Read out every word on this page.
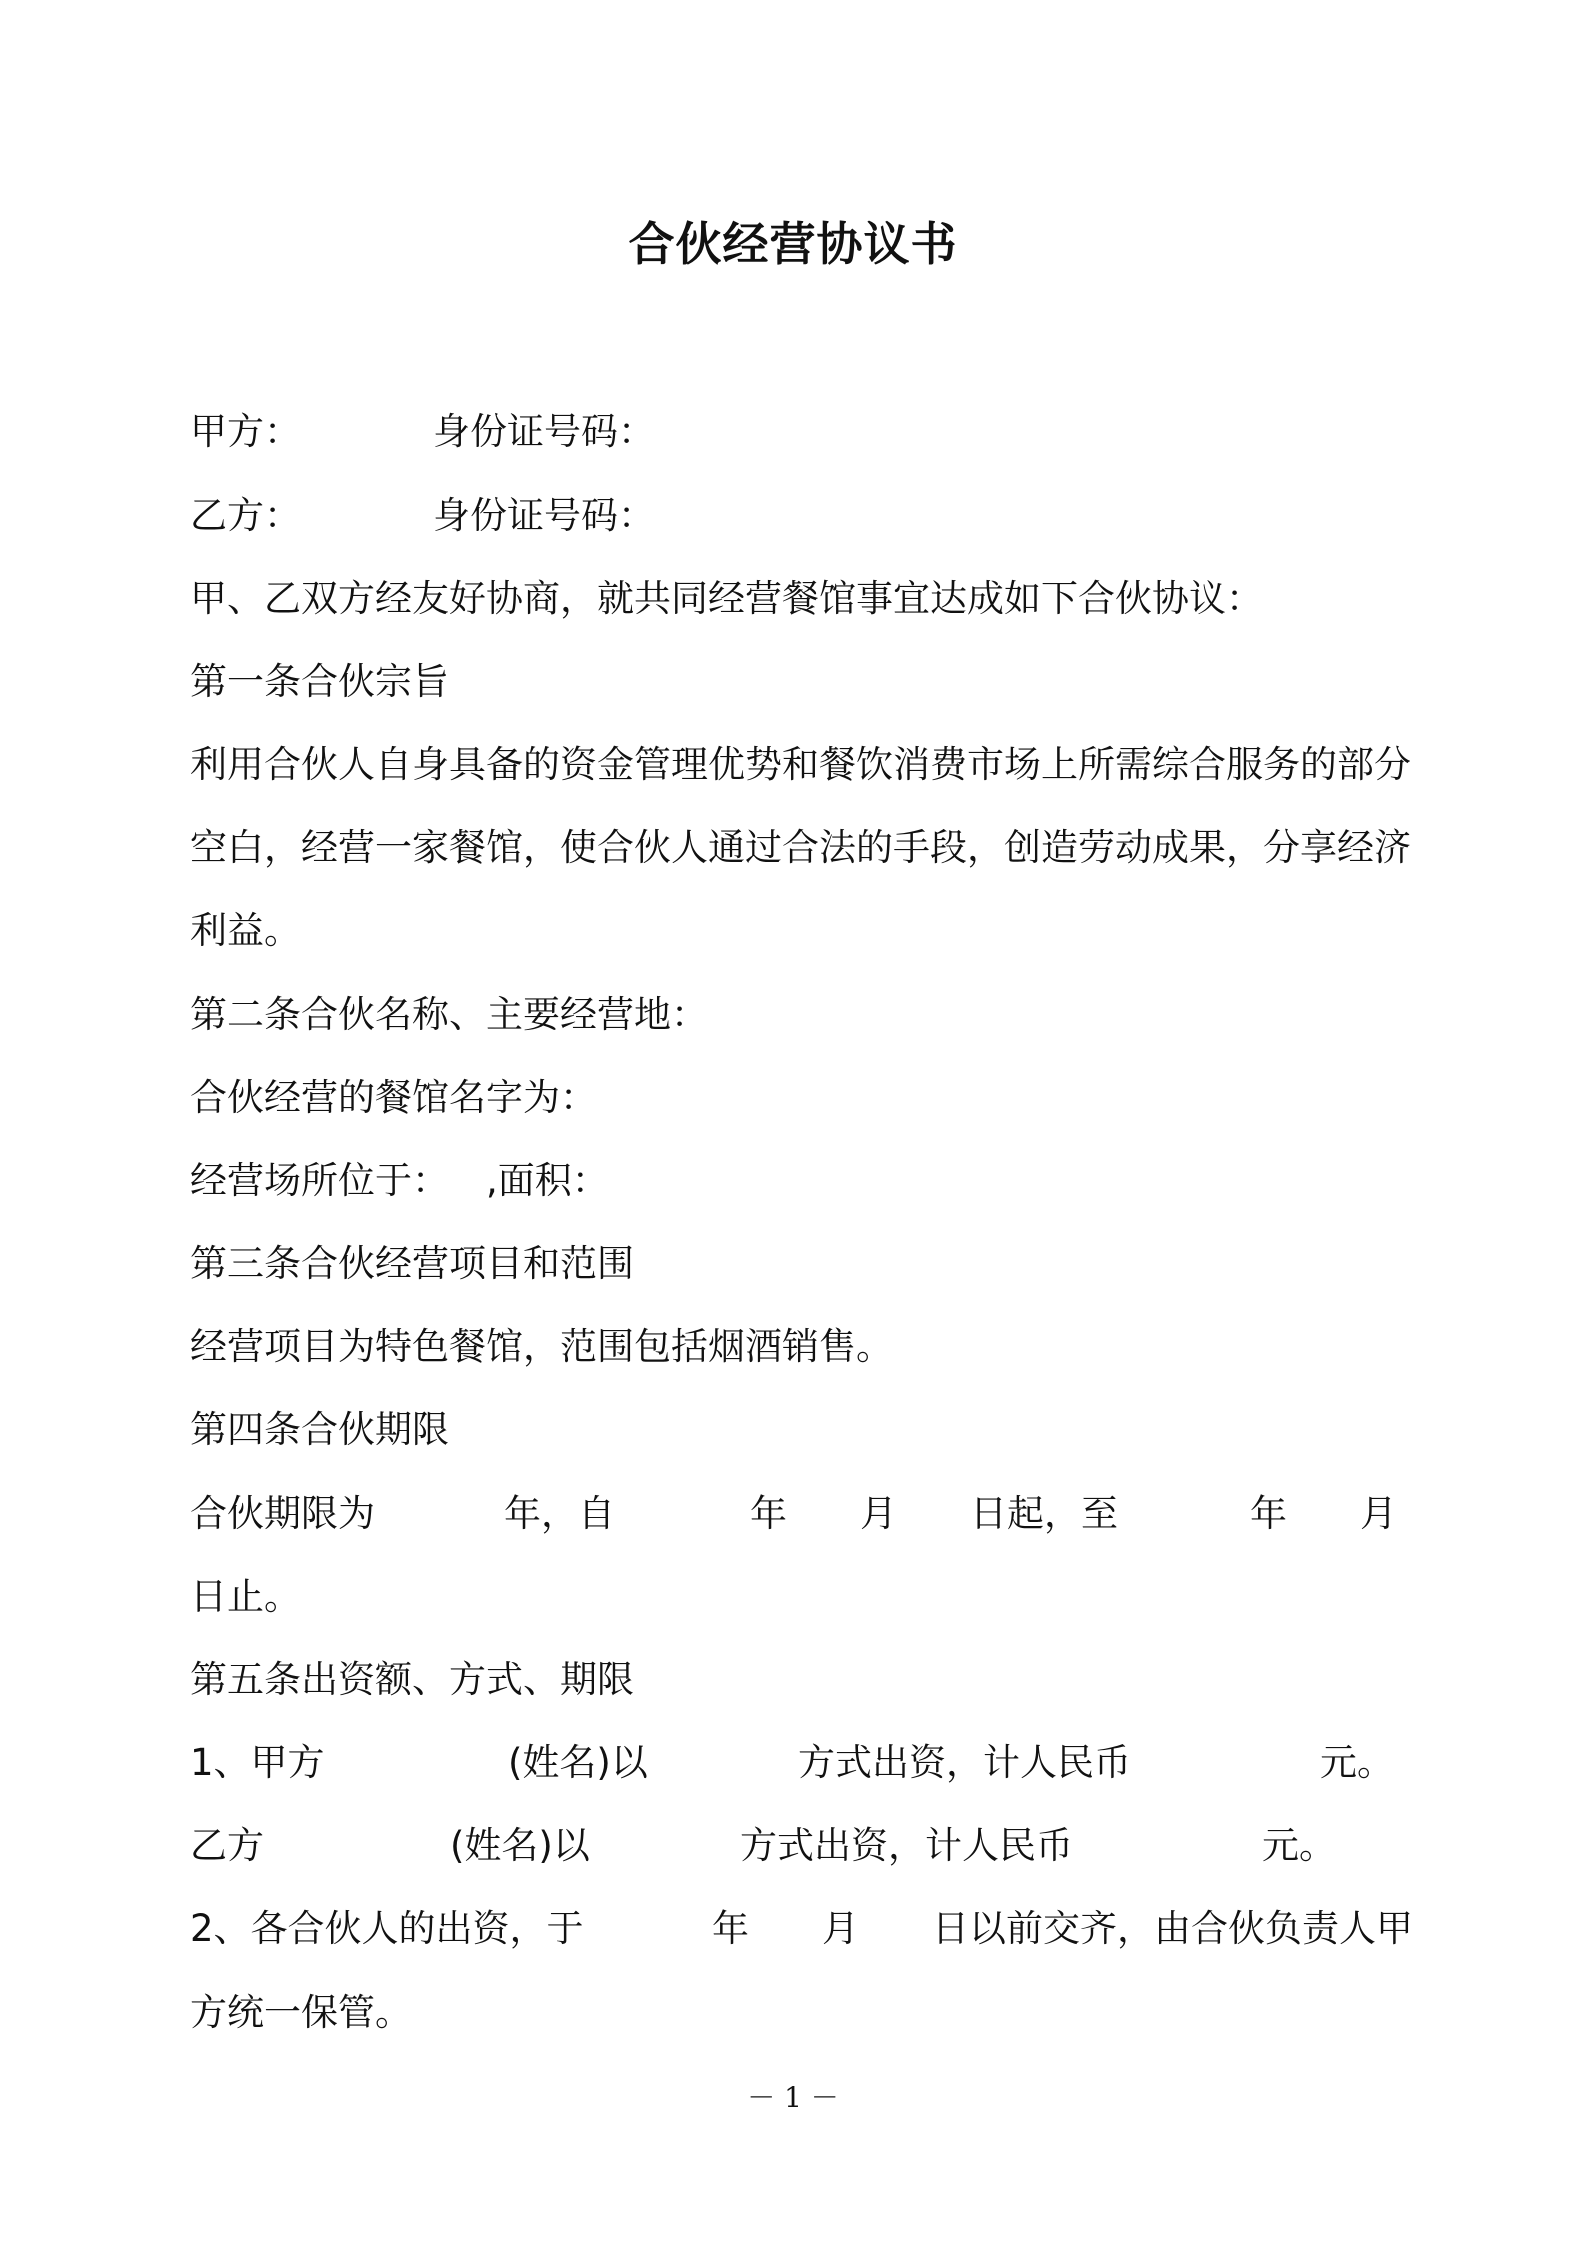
合伙经营协议书
甲方：	身份证号码：
乙方：	身份证号码：
甲、乙双方经友好协商，就共同经营餐馆事宜达成如下合伙协议：
第一条合伙宗旨
利用合伙人自身具备的资金管理优势和餐饮消费市场上所需综合服务的部分
空白，经营一家餐馆，使合伙人通过合法的手段，创造劳动成果，分享经济
利益。
第二条合伙名称、主要经营地：
合伙经营的餐馆名字为：
经营场所位于： ,面积：
第三条合伙经营项目和范围
经营项目为特色餐馆，范围包括烟酒销售。
第四条合伙期限
合伙期限为	年，自	年 月 日起，至	年 月
日止。
第五条出资额、方式、期限
1、甲方	(姓名)以	方式出资，计人民币	元。
乙方	(姓名)以	方式出资，计人民币	元。
2、各合伙人的出资，于	年 月 日以前交齐，由合伙负责人甲
方统一保管。
－ 1 －
